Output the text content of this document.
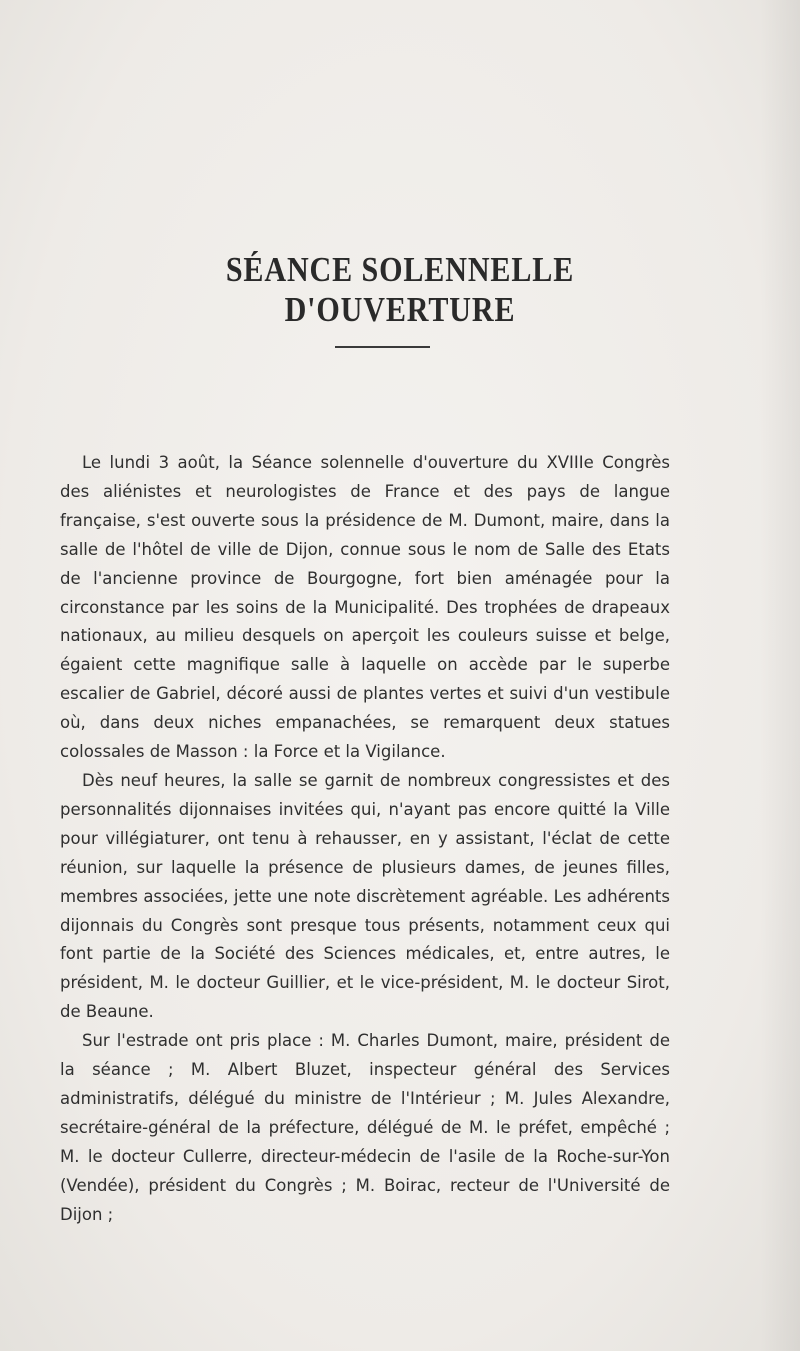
SÉANCE SOLENNELLE D'OUVERTURE

Le lundi 3 août, la Séance solennelle d'ouverture du XVIIIe Congrès des aliénistes et neurologistes de France et des pays de langue française, s'est ouverte sous la présidence de M. Dumont, maire, dans la salle de l'hôtel de ville de Dijon, connue sous le nom de Salle des Etats de l'ancienne province de Bourgogne, fort bien aménagée pour la circonstance par les soins de la Municipalité. Des trophées de drapeaux nationaux, au milieu desquels on aperçoit les couleurs suisse et belge, égaient cette magnifique salle à laquelle on accède par le superbe escalier de Gabriel, décoré aussi de plantes vertes et suivi d'un vestibule où, dans deux niches empanachées, se remarquent deux statues colossales de Masson : la Force et la Vigilance.

Dès neuf heures, la salle se garnit de nombreux congressistes et des personnalités dijonnaises invitées qui, n'ayant pas encore quitté la Ville pour villégiaturer, ont tenu à rehausser, en y assistant, l'éclat de cette réunion, sur laquelle la présence de plusieurs dames, de jeunes filles, membres associées, jette une note discrètement agréable. Les adhérents dijonnais du Congrès sont presque tous présents, notamment ceux qui font partie de la Société des Sciences médicales, et, entre autres, le président, M. le docteur Guillier, et le vice-président, M. le docteur Sirot, de Beaune.

Sur l'estrade ont pris place : M. Charles Dumont, maire, président de la séance ; M. Albert Bluzet, inspecteur général des Services administratifs, délégué du ministre de l'Intérieur ; M. Jules Alexandre, secrétaire-général de la préfecture, délégué de M. le préfet, empêché ; M. le docteur Cullerre, directeur-médecin de l'asile de la Roche-sur-Yon (Vendée), président du Congrès ; M. Boirac, recteur de l'Université de Dijon ;
